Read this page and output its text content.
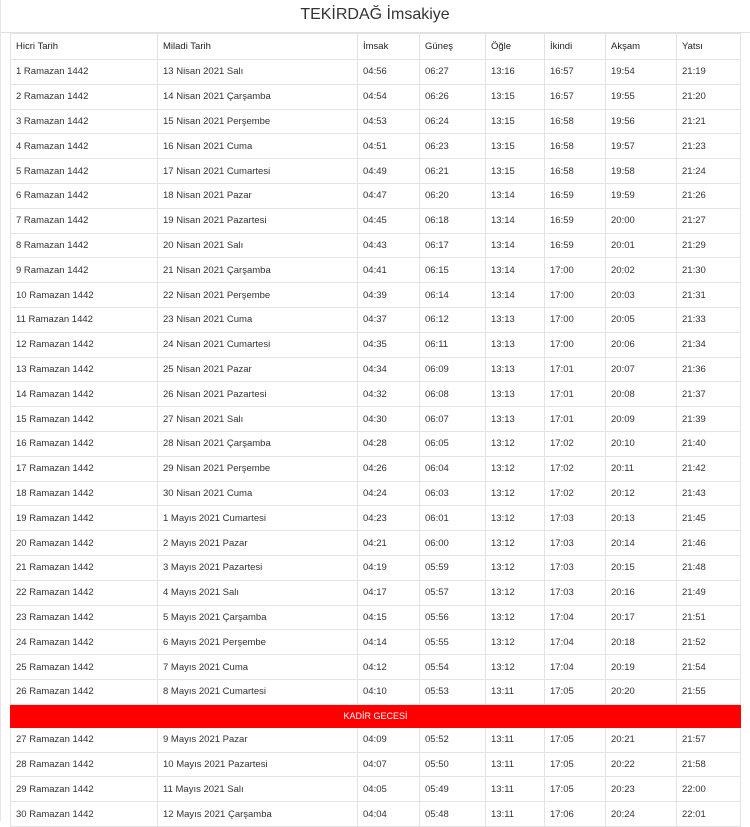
TEKİRDAĞ İmsakiye
Hicri Tarih	Miladi Tarih	İmsak	Güneş	Öğle	İkindi	Akşam	Yatsı
1 Ramazan 1442	13 Nisan 2021 Salı	04:56	06:27	13:16	16:57	19:54	21:19
2 Ramazan 1442	14 Nisan 2021 Çarşamba	04:54	06:26	13:15	16:57	19:55	21:20
3 Ramazan 1442	15 Nisan 2021 Perşembe	04:53	06:24	13:15	16:58	19:56	21:21
4 Ramazan 1442	16 Nisan 2021 Cuma	04:51	06:23	13:15	16:58	19:57	21:23
5 Ramazan 1442	17 Nisan 2021 Cumartesi	04:49	06:21	13:15	16:58	19:58	21:24
6 Ramazan 1442	18 Nisan 2021 Pazar	04:47	06:20	13:14	16:59	19:59	21:26
7 Ramazan 1442	19 Nisan 2021 Pazartesi	04:45	06:18	13:14	16:59	20:00	21:27
8 Ramazan 1442	20 Nisan 2021 Salı	04:43	06:17	13:14	16:59	20:01	21:29
9 Ramazan 1442	21 Nisan 2021 Çarşamba	04:41	06:15	13:14	17:00	20:02	21:30
10 Ramazan 1442	22 Nisan 2021 Perşembe	04:39	06:14	13:14	17:00	20:03	21:31
11 Ramazan 1442	23 Nisan 2021 Cuma	04:37	06:12	13:13	17:00	20:05	21:33
12 Ramazan 1442	24 Nisan 2021 Cumartesi	04:35	06:11	13:13	17:00	20:06	21:34
13 Ramazan 1442	25 Nisan 2021 Pazar	04:34	06:09	13:13	17:01	20:07	21:36
14 Ramazan 1442	26 Nisan 2021 Pazartesi	04:32	06:08	13:13	17:01	20:08	21:37
15 Ramazan 1442	27 Nisan 2021 Salı	04:30	06:07	13:13	17:01	20:09	21:39
16 Ramazan 1442	28 Nisan 2021 Çarşamba	04:28	06:05	13:12	17:02	20:10	21:40
17 Ramazan 1442	29 Nisan 2021 Perşembe	04:26	06:04	13:12	17:02	20:11	21:42
18 Ramazan 1442	30 Nisan 2021 Cuma	04:24	06:03	13:12	17:02	20:12	21:43
19 Ramazan 1442	1 Mayıs 2021 Cumartesi	04:23	06:01	13:12	17:03	20:13	21:45
20 Ramazan 1442	2 Mayıs 2021 Pazar	04:21	06:00	13:12	17:03	20:14	21:46
21 Ramazan 1442	3 Mayıs 2021 Pazartesi	04:19	05:59	13:12	17:03	20:15	21:48
22 Ramazan 1442	4 Mayıs 2021 Salı	04:17	05:57	13:12	17:03	20:16	21:49
23 Ramazan 1442	5 Mayıs 2021 Çarşamba	04:15	05:56	13:12	17:04	20:17	21:51
24 Ramazan 1442	6 Mayıs 2021 Perşembe	04:14	05:55	13:12	17:04	20:18	21:52
25 Ramazan 1442	7 Mayıs 2021 Cuma	04:12	05:54	13:12	17:04	20:19	21:54
26 Ramazan 1442	8 Mayıs 2021 Cumartesi	04:10	05:53	13:11	17:05	20:20	21:55
KADİR GECESİ							
27 Ramazan 1442	9 Mayıs 2021 Pazar	04:09	05:52	13:11	17:05	20:21	21:57
28 Ramazan 1442	10 Mayıs 2021 Pazartesi	04:07	05:50	13:11	17:05	20:22	21:58
29 Ramazan 1442	11 Mayıs 2021 Salı	04:05	05:49	13:11	17:05	20:23	22:00
30 Ramazan 1442	12 Mayıs 2021 Çarşamba	04:04	05:48	13:11	17:06	20:24	22:01
